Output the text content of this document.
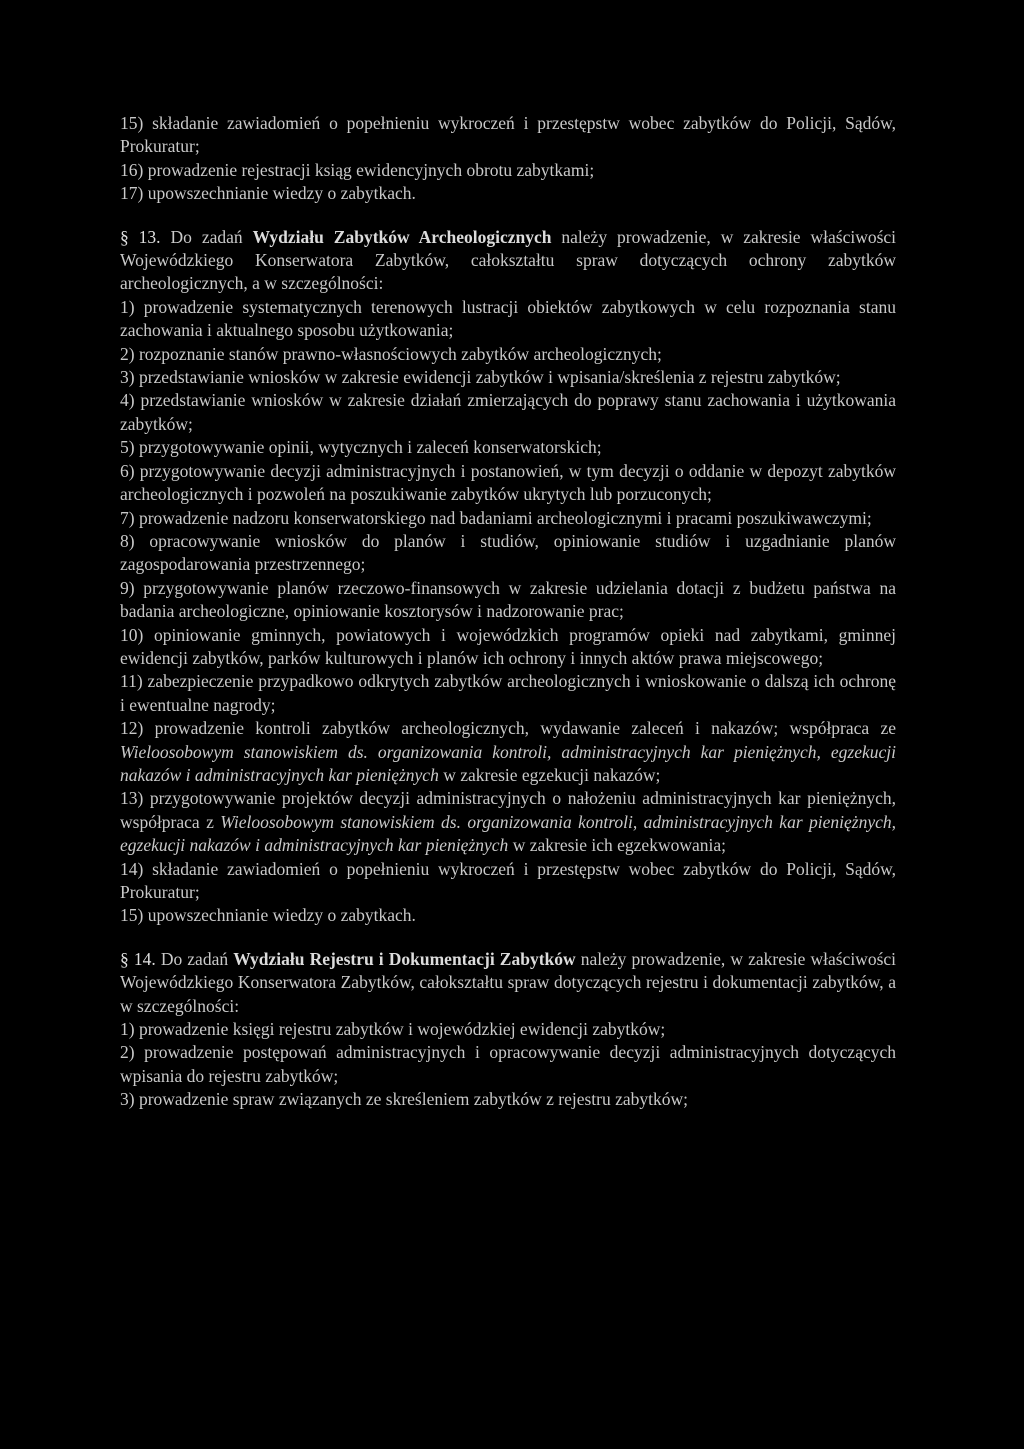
15) składanie zawiadomień o popełnieniu wykroczeń i przestępstw wobec zabytków do Policji, Sądów, Prokuratur;

16) prowadzenie rejestracji ksiąg ewidencyjnych obrotu zabytkami;

17) upowszechnianie wiedzy o zabytkach.

§ 13. Do zadań Wydziału Zabytków Archeologicznych należy prowadzenie, w zakresie właściwości Wojewódzkiego Konserwatora Zabytków, całokształtu spraw dotyczących ochrony zabytków archeologicznych, a w szczególności:

1) prowadzenie systematycznych terenowych lustracji obiektów zabytkowych w celu rozpoznania stanu zachowania i aktualnego sposobu użytkowania;

2) rozpoznanie stanów prawno-własnościowych zabytków archeologicznych;

3) przedstawianie wniosków w zakresie ewidencji zabytków i wpisania/skreślenia z rejestru zabytków;

4) przedstawianie wniosków w zakresie działań zmierzających do poprawy stanu zachowania i użytkowania zabytków;

5) przygotowywanie opinii, wytycznych i zaleceń konserwatorskich;

6) przygotowywanie decyzji administracyjnych i postanowień, w tym decyzji o oddanie w depozyt zabytków archeologicznych i pozwoleń na poszukiwanie zabytków ukrytych lub porzuconych;

7) prowadzenie nadzoru konserwatorskiego nad badaniami archeologicznymi i pracami poszukiwawczymi;

8) opracowywanie wniosków do planów i studiów, opiniowanie studiów i uzgadnianie planów zagospodarowania przestrzennego;

9) przygotowywanie planów rzeczowo-finansowych w zakresie udzielania dotacji z budżetu państwa na badania archeologiczne, opiniowanie kosztorysów i nadzorowanie prac;

10) opiniowanie gminnych, powiatowych i wojewódzkich programów opieki nad zabytkami, gminnej ewidencji zabytków, parków kulturowych i planów ich ochrony i innych aktów prawa miejscowego;

11) zabezpieczenie przypadkowo odkrytych zabytków archeologicznych i wnioskowanie o dalszą ich ochronę i ewentualne nagrody;

12) prowadzenie kontroli zabytków archeologicznych, wydawanie zaleceń i nakazów; współpraca ze Wieloosobowym stanowiskiem ds. organizowania kontroli, administracyjnych kar pieniężnych, egzekucji nakazów i administracyjnych kar pieniężnych w zakresie egzekucji nakazów;

13) przygotowywanie projektów decyzji administracyjnych o nałożeniu administracyjnych kar pieniężnych, współpraca z Wieloosobowym stanowiskiem ds. organizowania kontroli, administracyjnych kar pieniężnych, egzekucji nakazów i administracyjnych kar pieniężnych w zakresie ich egzekwowania;

14) składanie zawiadomień o popełnieniu wykroczeń i przestępstw wobec zabytków do Policji, Sądów, Prokuratur;

15) upowszechnianie wiedzy o zabytkach.

§ 14. Do zadań Wydziału Rejestru i Dokumentacji Zabytków należy prowadzenie, w zakresie właściwości Wojewódzkiego Konserwatora Zabytków, całokształtu spraw dotyczących rejestru i dokumentacji zabytków, a w szczególności:

1) prowadzenie księgi rejestru zabytków i wojewódzkiej ewidencji zabytków;

2) prowadzenie postępowań administracyjnych i opracowywanie decyzji administracyjnych dotyczących wpisania do rejestru zabytków;

3) prowadzenie spraw związanych ze skreśleniem zabytków z rejestru zabytków;
